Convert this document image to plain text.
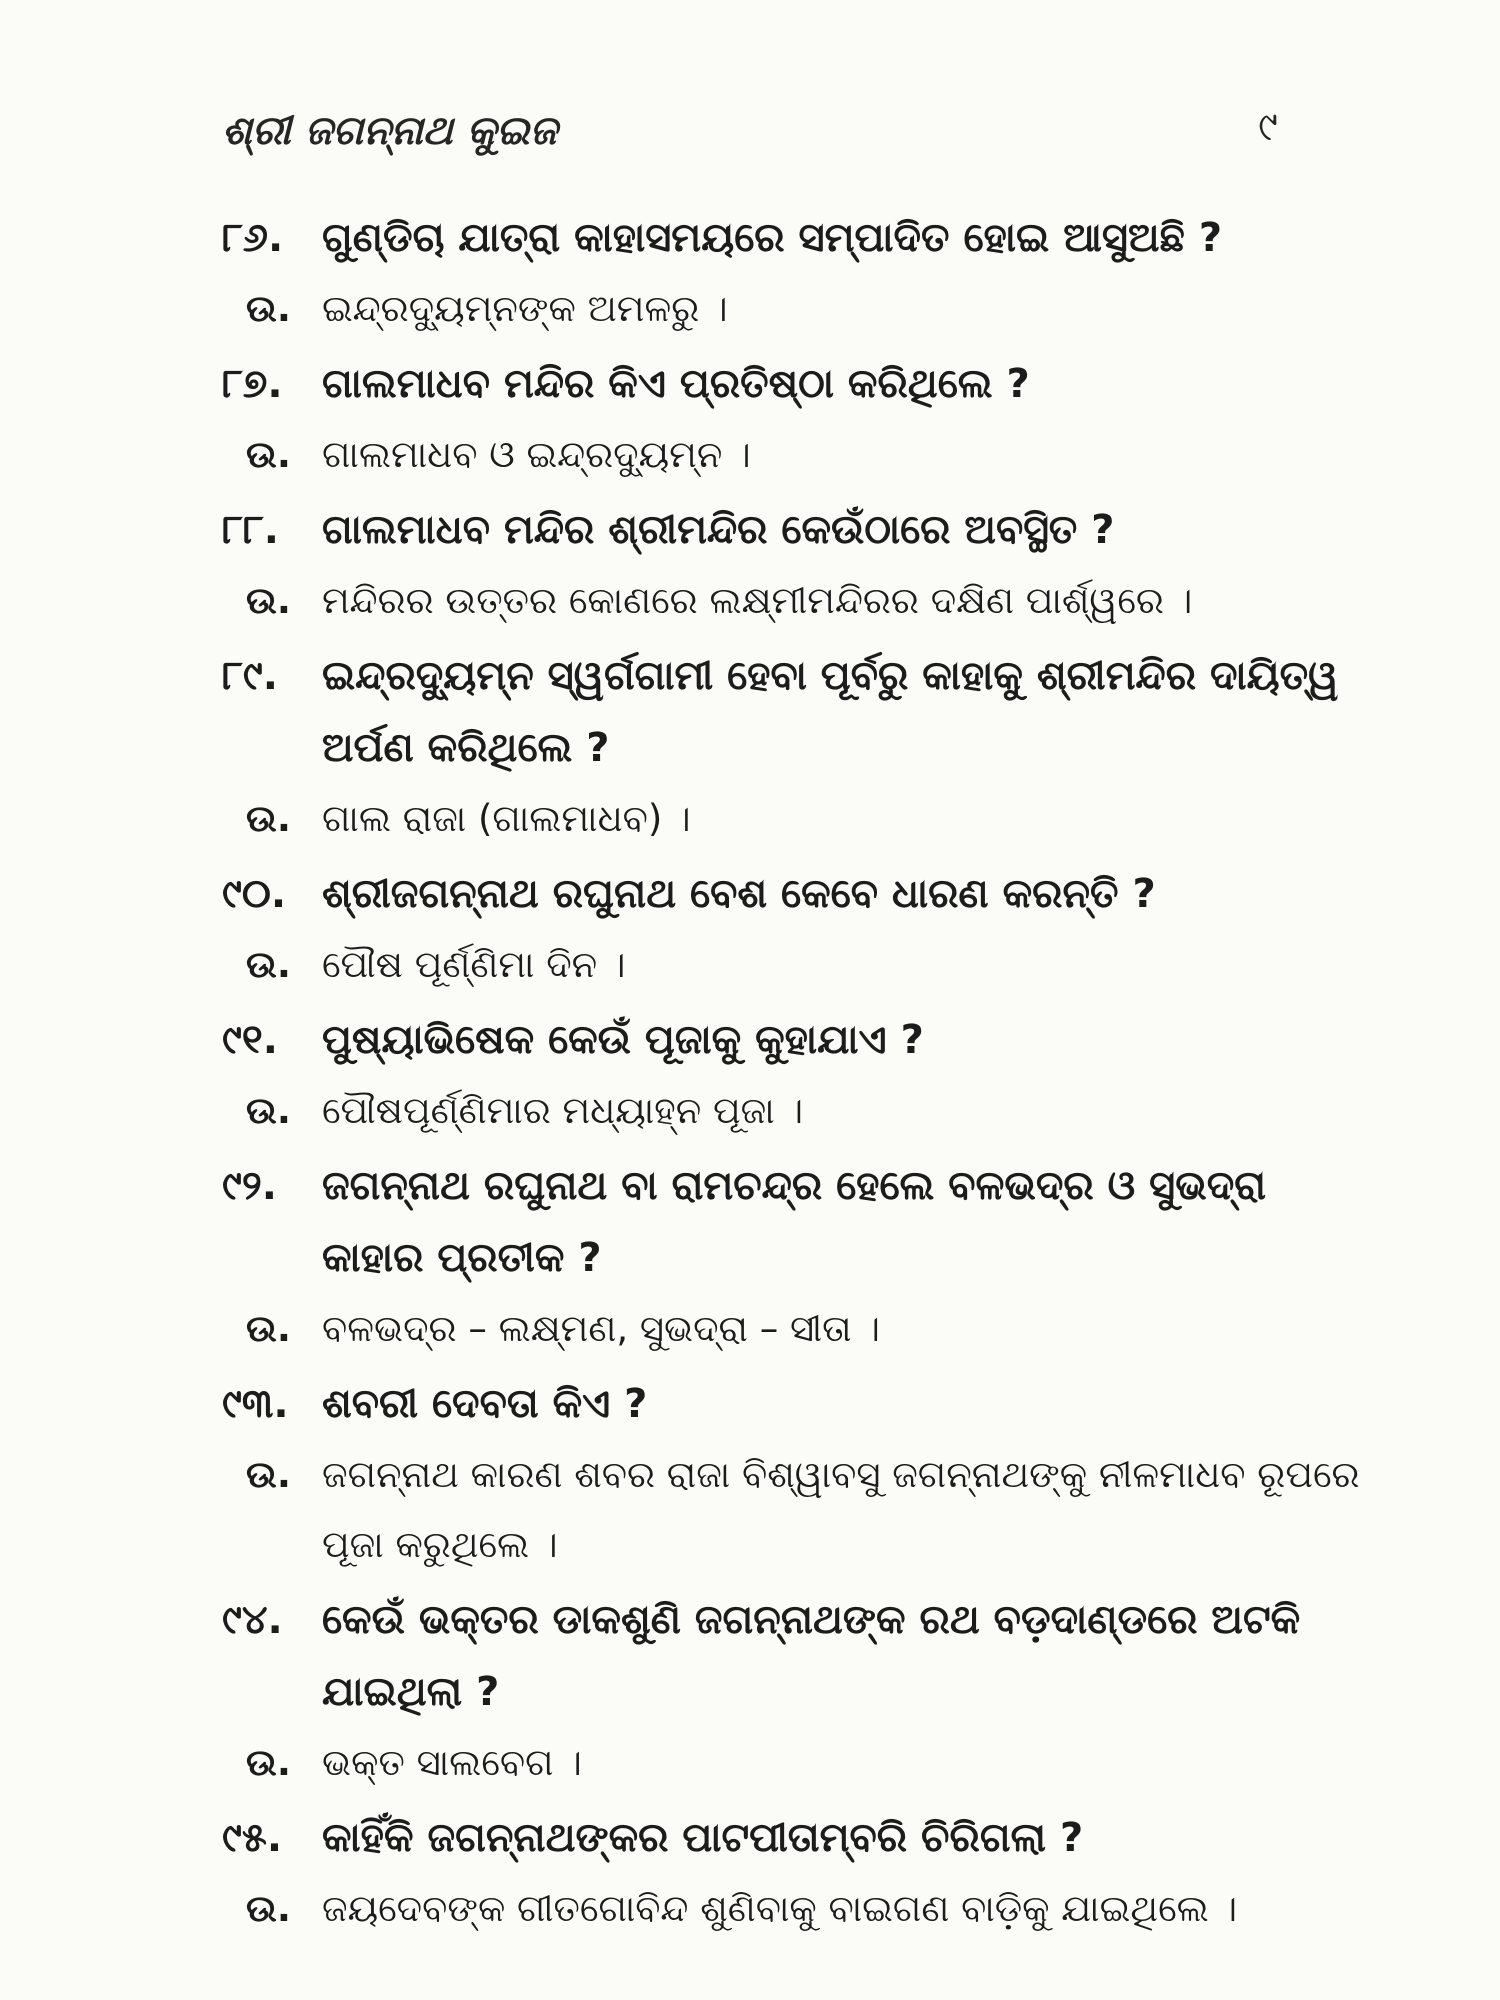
ଶ୍ରୀ ଜଗନ୍ନାଥ କୁଇଜ	୯
୮୬. ଗୁଣ୍ଡିଚା ଯାତ୍ରା କାହାସମୟରେ ସମ୍ପାଦିତ ହୋଇ ଆସୁଅଛି ?
ଉ. ଇନ୍ଦ୍ରଦ୍ୟୁମ୍ନଙ୍କ ଅମଳରୁ ।
୮୭. ଗାଲମାଧବ ମନ୍ଦିର କିଏ ପ୍ରତିଷ୍ଠା କରିଥିଲେ ?
ଉ. ଗାଲମାଧବ ଓ ଇନ୍ଦ୍ରଦ୍ୟୁମ୍ନ ।
୮୮.	ଗାଲମାଧବ ମନ୍ଦିର ଶ୍ରୀମନ୍ଦିର କେଉଁଠାରେ ଅବସ୍ଥିତ ?
ଉ. ମନ୍ଦିରର ଉତ୍ତର କୋଣରେ ଲକ୍ଷ୍ମୀମନ୍ଦିରର ଦକ୍ଷିଣ ପାର୍ଶ୍ୱରେ ।
୮୯.	ଇନ୍ଦ୍ରଦ୍ୟୁମ୍ନ ସ୍ୱର୍ଗଗାମୀ ହେବା ପୂର୍ବରୁ କାହାକୁ ଶ୍ରୀମନ୍ଦିର ଦାୟିତ୍ୱ ଅର୍ପଣ କରିଥିଲେ ?
ଉ. ଗାଲ ରାଜା (ଗାଲମାଧବ) ।
୯୦. ଶ୍ରୀଜଗନ୍ନାଥ ରଘୁନାଥ ବେଶ କେବେ ଧାରଣ କରନ୍ତି ?
ଉ. ପୌଷ ପୂର୍ଣ୍ଣିମା ଦିନ ।
୯୧.	ପୁଷ୍ୟାଭିଷେକ କେଉଁ ପୂଜାକୁ କୁହାଯାଏ ?
ଉ. ପୌଷପୂର୍ଣ୍ଣିମାର ମଧ୍ୟାହ୍ନ ପୂଜା ।
୯୨.	ଜଗନ୍ନାଥ ରଘୁନାଥ ବା ରାମଚନ୍ଦ୍ର ହେଲେ ବଳଭଦ୍ର ଓ ସୁଭଦ୍ରା କାହାର ପ୍ରତୀକ ?
ଉ. ବଳଭଦ୍ର – ଲକ୍ଷ୍ମଣ, ସୁଭଦ୍ରା – ସୀତା ।
୯୩. ଶବରୀ ଦେବତା କିଏ ?
ଉ. ଜଗନ୍ନାଥ କାରଣ ଶବର ରାଜା ବିଶ୍ୱାବସୁ ଜଗନ୍ନାଥଙ୍କୁ ନୀଳମାଧବ ରୂପରେ ପୂଜା କରୁଥିଲେ ।
୯୪. କେଉଁ ଭକ୍ତର ଡାକଶୁଣି ଜଗନ୍ନାଥଙ୍କ ରଥ ବଡ଼ଦାଣ୍ଡରେ ଅଟକି ଯାଇଥିଲା ?
ଉ. ଭକ୍ତ ସାଲବେଗ ।
୯୫. କାହିଁକି ଜଗନ୍ନାଥଙ୍କର ପାଟପୀତାମ୍ବରି ଚିରିଗଲା ?
ଉ. ଜୟଦେବଙ୍କ ଗୀତଗୋବିନ୍ଦ ଶୁଣିବାକୁ ବାଇଗଣ ବାଡ଼ିକୁ ଯାଇଥିଲେ ।
